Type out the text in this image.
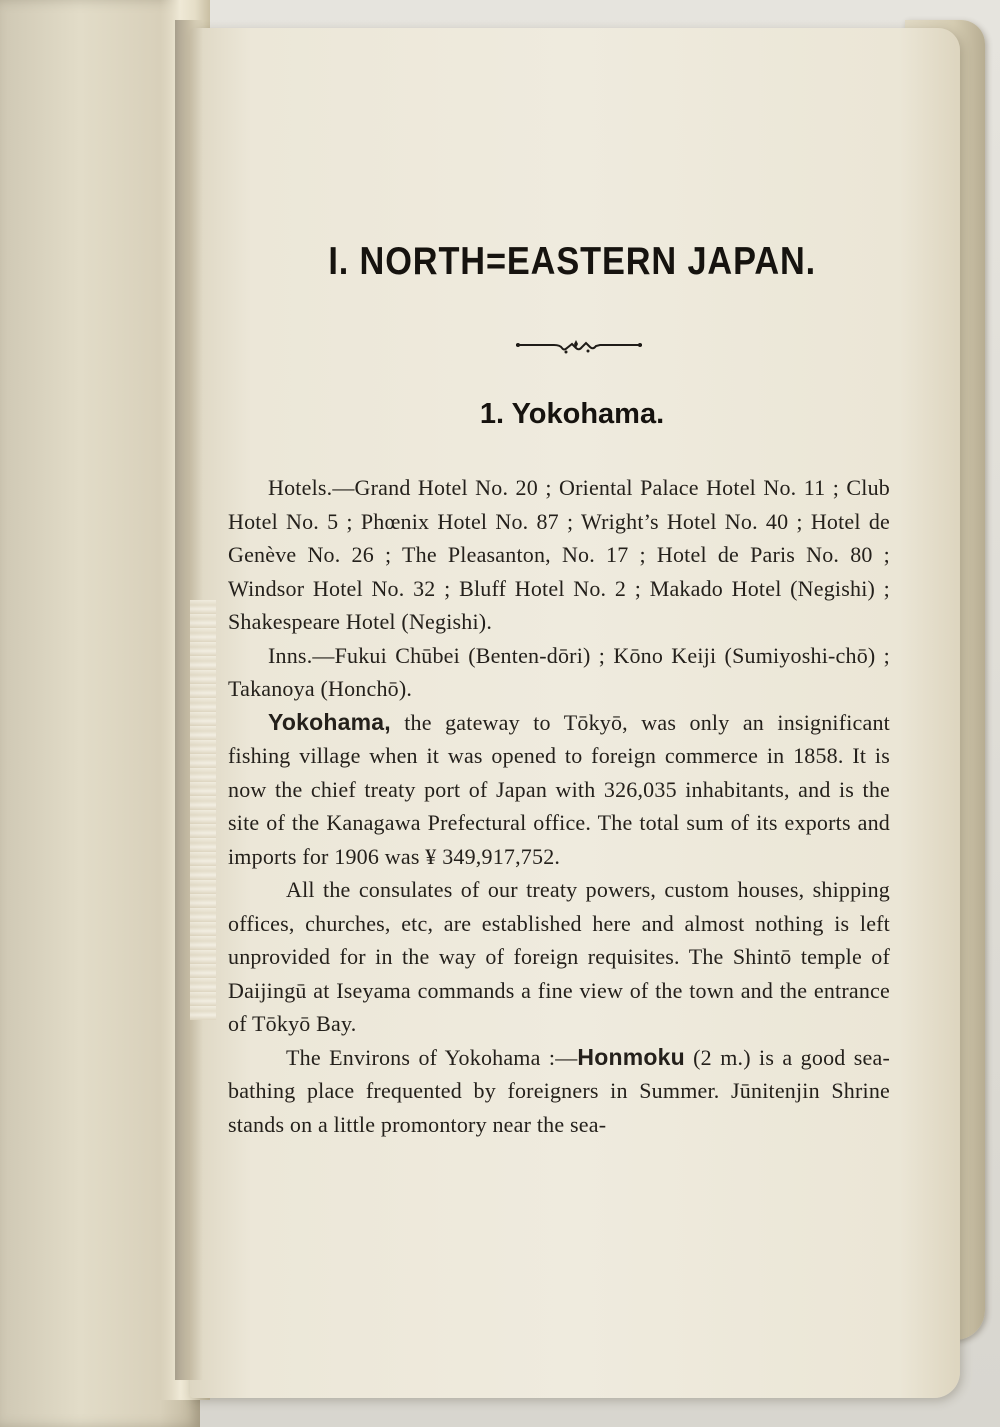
I. NORTH=EASTERN JAPAN.
1. Yokohama.

Hotels.—Grand Hotel No. 20 ; Oriental Palace Hotel No. 11 ; Club Hotel No. 5 ; Phœnix Hotel No. 87 ; Wright’s Hotel No. 40 ; Hotel de Genève No. 26 ; The Pleasanton, No. 17 ; Hotel de Paris No. 80 ; Windsor Hotel No. 32 ; Bluff Hotel No. 2 ; Makado Hotel (Negishi) ; Shakespeare Hotel (Negishi).

Inns.—Fukui Chūbei (Benten-dōri) ; Kōno Keiji (Sumiyoshi-chō) ; Takanoya (Honchō).

Yokohama, the gateway to Tōkyō, was only an insignificant fishing village when it was opened to foreign commerce in 1858. It is now the chief treaty port of Japan with 326,035 inhabitants, and is the site of the Kanagawa Prefectural office. The total sum of its exports and imports for 1906 was ¥ 349,917,752.

All the consulates of our treaty powers, custom houses, shipping offices, churches, etc, are established here and almost nothing is left unprovided for in the way of foreign requisites. The Shintō temple of Daijingū at Iseyama commands a fine view of the town and the entrance of Tōkyō Bay.

The Environs of Yokohama :—Honmoku (2 m.) is a good sea-bathing place frequented by foreigners in Summer. Jūnitenjin Shrine stands on a little promontory near the sea-
